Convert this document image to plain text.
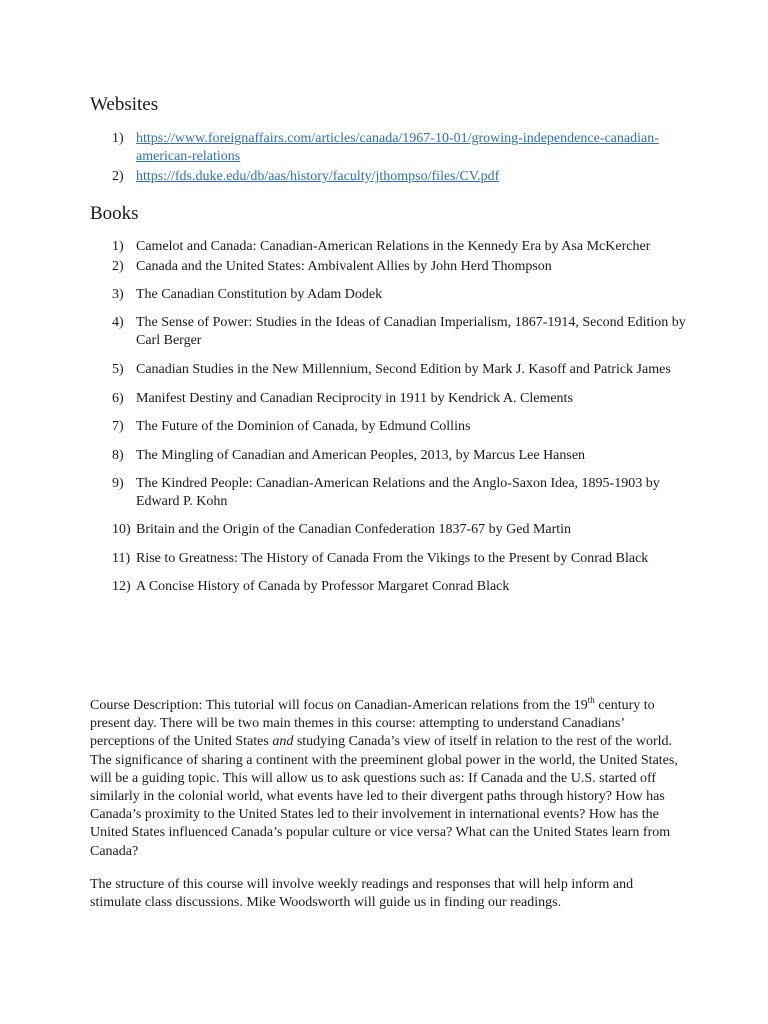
Websites
1) https://www.foreignaffairs.com/articles/canada/1967-10-01/growing-independence-canadian-american-relations
2) https://fds.duke.edu/db/aas/history/faculty/jthompso/files/CV.pdf
Books
1) Camelot and Canada: Canadian-American Relations in the Kennedy Era by Asa McKercher
2) Canada and the United States: Ambivalent Allies by John Herd Thompson
3) The Canadian Constitution by Adam Dodek
4) The Sense of Power: Studies in the Ideas of Canadian Imperialism, 1867-1914, Second Edition by Carl Berger
5) Canadian Studies in the New Millennium, Second Edition by Mark J. Kasoff and Patrick James
6) Manifest Destiny and Canadian Reciprocity in 1911 by Kendrick A. Clements
7) The Future of the Dominion of Canada, by Edmund Collins
8) The Mingling of Canadian and American Peoples, 2013, by Marcus Lee Hansen
9) The Kindred People: Canadian-American Relations and the Anglo-Saxon Idea, 1895-1903 by Edward P. Kohn
10) Britain and the Origin of the Canadian Confederation 1837-67 by Ged Martin
11) Rise to Greatness: The History of Canada From the Vikings to the Present by Conrad Black
12) A Concise History of Canada by Professor Margaret Conrad Black

Course Description: This tutorial will focus on Canadian-American relations from the 19th century to present day. There will be two main themes in this course: attempting to understand Canadians’ perceptions of the United States and studying Canada’s view of itself in relation to the rest of the world. The significance of sharing a continent with the preeminent global power in the world, the United States, will be a guiding topic. This will allow us to ask questions such as: If Canada and the U.S. started off similarly in the colonial world, what events have led to their divergent paths through history? How has Canada’s proximity to the United States led to their involvement in international events? How has the United States influenced Canada’s popular culture or vice versa? What can the United States learn from Canada?

The structure of this course will involve weekly readings and responses that will help inform and stimulate class discussions. Mike Woodsworth will guide us in finding our readings.
